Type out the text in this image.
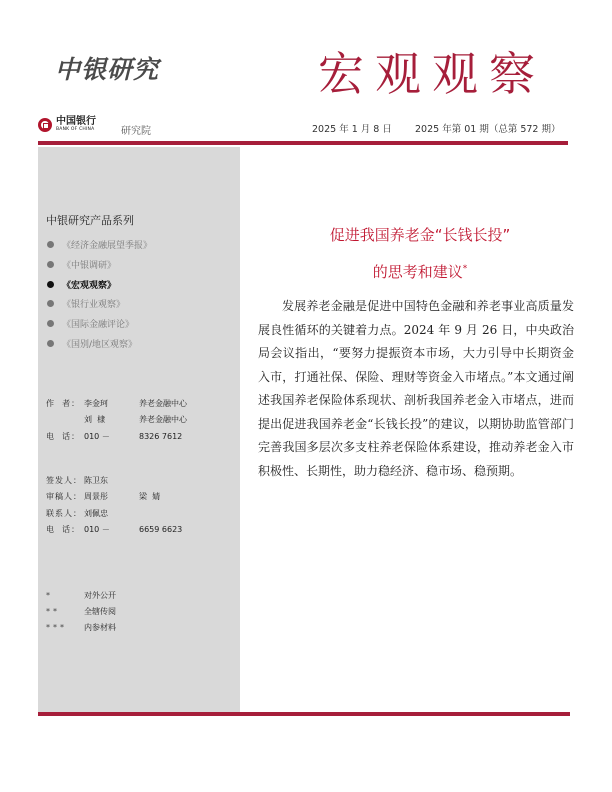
中银研究	宏观观察
中国银行
BANK OF CHINA	研究院	2025 年 1 月 8 日 2025 年第 01 期（总第 572 期）
中银研究产品系列
《经济金融展望季报》
《中银调研》
《宏观观察》
《银行业观察》
《国际金融评论》
《国别/地区观察》
作  者： 李金珂	养老金融中心
刘  棣	养老金融中心
电  话： 010 －	8326 7612
签发人： 陈卫东
审稿人： 周景彤	梁  婧
联系人： 刘佩忠
电  话： 010 －	6659 6623
*	对外公开
**	全辖传阅
***	内参材料
促进我国养老金“长钱长投”
的思考和建议*

发展养老金融是促进中国特色金融和养老事业高质量发展良性循环的关键着力点。2024 年 9 月 26 日，中央政治局会议指出，“要努力提振资本市场，大力引导中长期资金入市，打通社保、保险、理财等资金入市堵点。”本文通过阐述我国养老保险体系现状、剖析我国养老金入市堵点，进而提出促进我国养老金“长钱长投”的建议，以期协助监管部门完善我国多层次多支柱养老保险体系建设，推动养老金入市积极性、长期性，助力稳经济、稳市场、稳预期。
